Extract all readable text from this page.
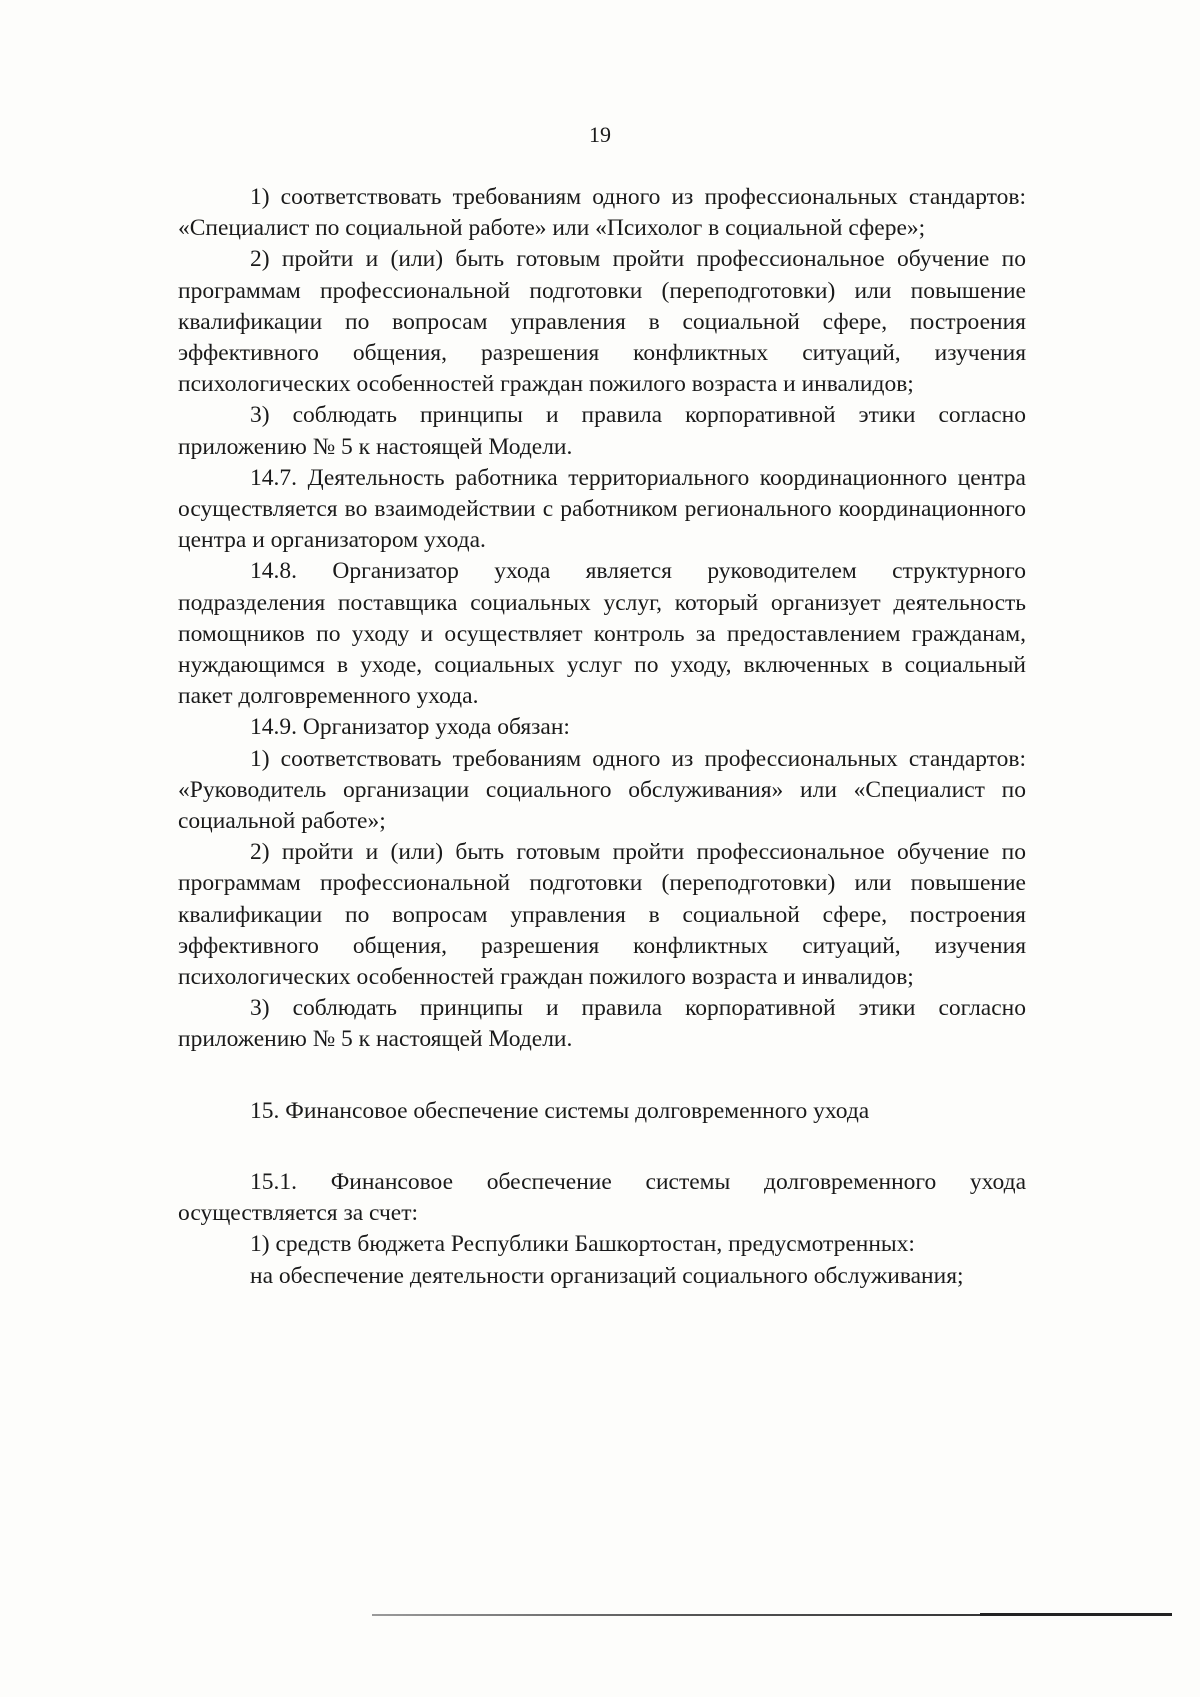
19

1) соответствовать требованиям одного из профессиональных стандартов: «Специалист по социальной работе» или «Психолог в социальной сфере»;

2) пройти и (или) быть готовым пройти профессиональное обучение по программам профессиональной подготовки (переподготовки) или повышение квалификации по вопросам управления в социальной сфере, построения эффективного общения, разрешения конфликтных ситуаций, изучения психологических особенностей граждан пожилого возраста и инвалидов;

3) соблюдать принципы и правила корпоративной этики согласно приложению № 5 к настоящей Модели.

14.7. Деятельность работника территориального координационного центра осуществляется во взаимодействии с работником регионального координационного центра и организатором ухода.

14.8. Организатор ухода является руководителем структурного подразделения поставщика социальных услуг, который организует деятельность помощников по уходу и осуществляет контроль за предоставлением гражданам, нуждающимся в уходе, социальных услуг по уходу, включенных в социальный пакет долговременного ухода.

14.9. Организатор ухода обязан:

1) соответствовать требованиям одного из профессиональных стандартов: «Руководитель организации социального обслуживания» или «Специалист по социальной работе»;

2) пройти и (или) быть готовым пройти профессиональное обучение по программам профессиональной подготовки (переподготовки) или повышение квалификации по вопросам управления в социальной сфере, построения эффективного общения, разрешения конфликтных ситуаций, изучения психологических особенностей граждан пожилого возраста и инвалидов;

3) соблюдать принципы и правила корпоративной этики согласно приложению № 5 к настоящей Модели.

15. Финансовое обеспечение системы долговременного ухода

15.1. Финансовое обеспечение системы долговременного ухода осуществляется за счет:

1) средств бюджета Республики Башкортостан, предусмотренных:

на обеспечение деятельности организаций социального обслуживания;
